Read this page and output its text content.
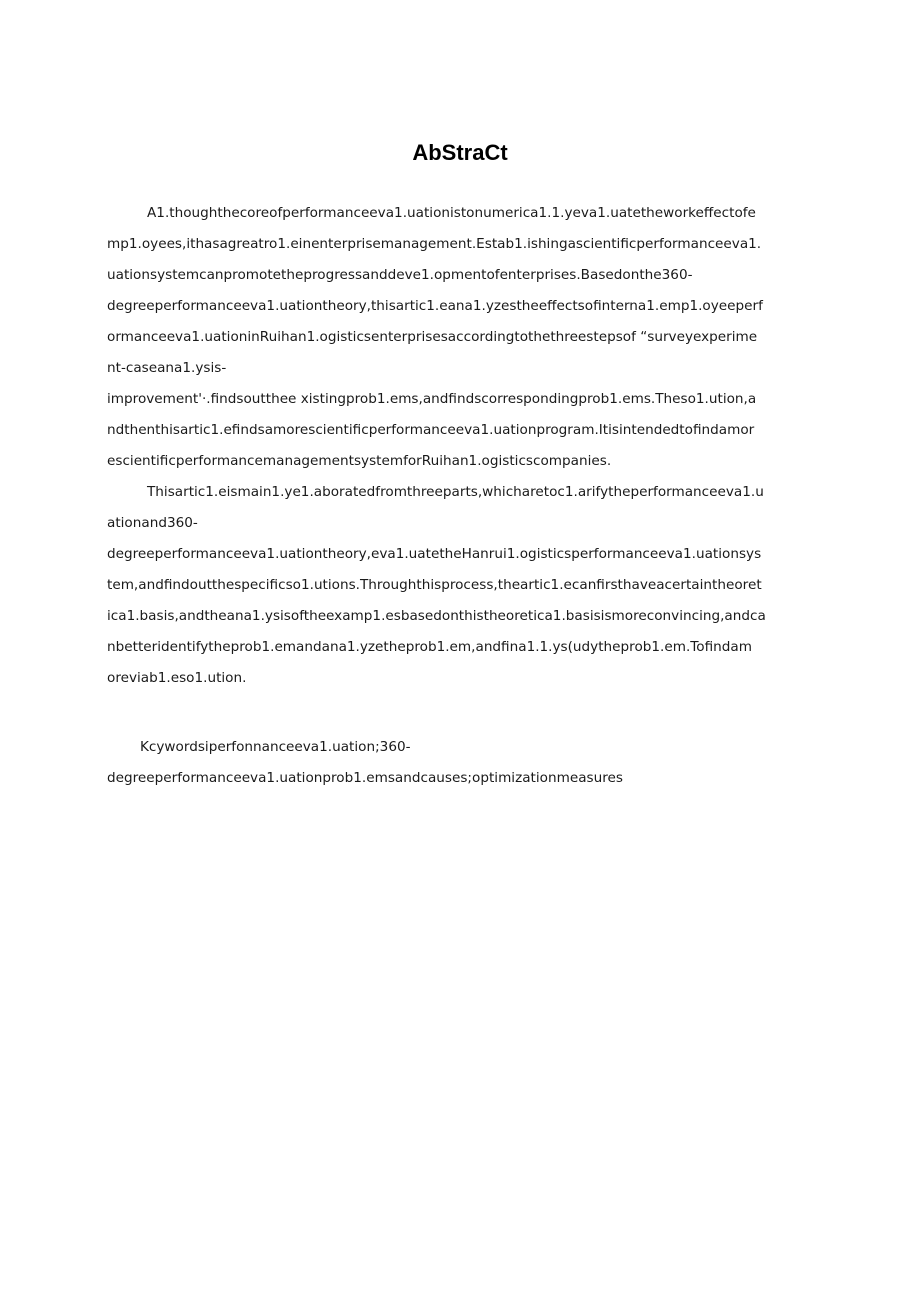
AbStraCt
A1.thoughthecoreofperformanceeva1.uationistonumerica1.1.yeva1.uatetheworkeffectofe
mp1.oyees,ithasagreatro1.einenterprisemanagement.Estab1.ishingascientificperformanceeva1.
uationsystemcanpromotetheprogressanddeve1.opmentofenterprises.Basedonthe360-
degreeperformanceeva1.uationtheory,thisartic1.eana1.yzestheeffectsofinterna1.emp1.oyeeperf
ormanceeva1.uationinRuihan1.ogisticsenterprisesaccordingtothethreestepsof “surveyexperime
nt-caseana1.ysis-
improvement'·.findsoutthee xistingprob1.ems,andfindscorrespondingprob1.ems.Theso1.ution,a
ndthenthisartic1.efindsamorescientificperformanceeva1.uationprogram.Itisintendedtofindamor
escientificperformancemanagementsystemforRuihan1.ogisticscompanies.
Thisartic1.eismain1.ye1.aboratedfromthreeparts,whicharetoc1.arifytheperformanceeva1.u
ationand360-
degreeperformanceeva1.uationtheory,eva1.uatetheHanrui1.ogisticsperformanceeva1.uationsys
tem,andfindoutthespecificso1.utions.Throughthisprocess,theartic1.ecanfirsthaveacertaintheoret
ica1.basis,andtheana1.ysisoftheexamp1.esbasedonthistheoretica1.basisismoreconvincing,andca
nbetteridentifytheprob1.emandana1.yzetheprob1.em,andfina1.1.ys(udytheprob1.em.Tofindam
oreviab1.eso1.ution.
Kcywordsiperfonnanceeva1.uation;360-
degreeperformanceeva1.uationprob1.emsandcauses;optimizationmeasures
